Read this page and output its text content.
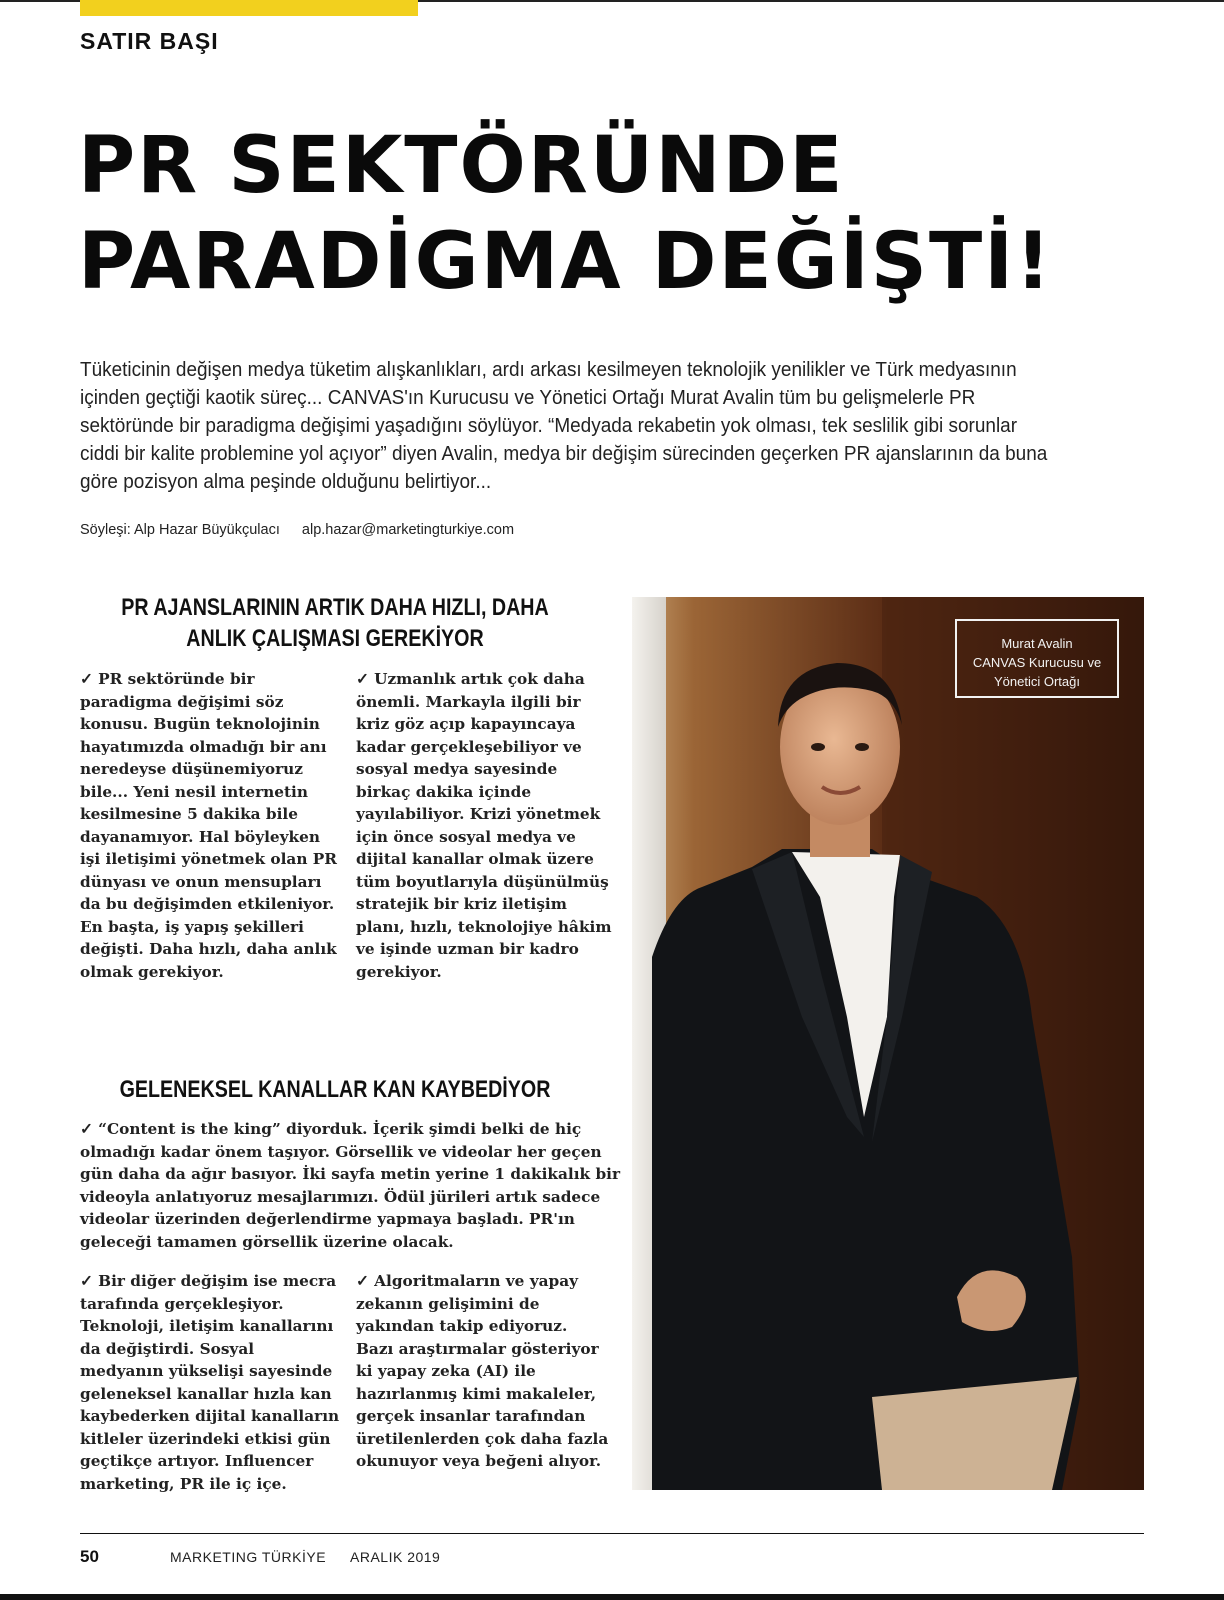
SATIR BAŞI
PR SEKTÖRÜNDE
PARADİGMA DEĞİŞTİ!

Tüketicinin değişen medya tüketim alışkanlıkları, ardı arkası kesilmeyen teknolojik yenilikler ve Türk medyasının içinden geçtiği kaotik süreç... CANVAS'ın Kurucusu ve Yönetici Ortağı Murat Avalin tüm bu gelişmelerle PR sektöründe bir paradigma değişimi yaşadığını söylüyor. “Medyada rekabetin yok olması, tek seslilik gibi sorunlar ciddi bir kalite problemine yol açıyor” diyen Avalin, medya bir değişim sürecinden geçerken PR ajanslarının da buna göre pozisyon alma peşinde olduğunu belirtiyor...

Söyleşi: Alp Hazar Büyükçulacı alp.hazar@marketingturkiye.com
PR AJANSLARININ ARTIK DAHA HIZLI, DAHA
ANLIK ÇALIŞMASI GEREKİYOR
✓ PR sektöründe bir
paradigma değişimi söz
konusu. Bugün teknolojinin
hayatımızda olmadığı bir anı
neredeyse düşünemiyoruz
bile... Yeni nesil internetin
kesilmesine 5 dakika bile
dayanamıyor. Hal böyleyken
işi iletişimi yönetmek olan PR
dünyası ve onun mensupları
da bu değişimden etkileniyor.
En başta, iş yapış şekilleri
değişti. Daha hızlı, daha anlık
olmak gerekiyor.
✓ Uzmanlık artık çok daha
önemli. Markayla ilgili bir
kriz göz açıp kapayıncaya
kadar gerçekleşebiliyor ve
sosyal medya sayesinde
birkaç dakika içinde
yayılabiliyor. Krizi yönetmek
için önce sosyal medya ve
dijital kanallar olmak üzere
tüm boyutlarıyla düşünülmüş
stratejik bir kriz iletişim
planı, hızlı, teknolojiye hâkim
ve işinde uzman bir kadro
gerekiyor.
GELENEKSEL KANALLAR KAN KAYBEDİYOR
✓ “Content is the king” diyorduk. İçerik şimdi belki de hiç
olmadığı kadar önem taşıyor. Görsellik ve videolar her geçen
gün daha da ağır basıyor. İki sayfa metin yerine 1 dakikalık bir
videoyla anlatıyoruz mesajlarımızı. Ödül jürileri artık sadece
videolar üzerinden değerlendirme yapmaya başladı. PR'ın
geleceği tamamen görsellik üzerine olacak.
✓ Bir diğer değişim ise mecra
tarafında gerçekleşiyor.
Teknoloji, iletişim kanallarını
da değiştirdi. Sosyal
medyanın yükselişi sayesinde
geleneksel kanallar hızla kan
kaybederken dijital kanalların
kitleler üzerindeki etkisi gün
geçtikçe artıyor. Influencer
marketing, PR ile iç içe.
✓ Algoritmaların ve yapay
zekanın gelişimini de
yakından takip ediyoruz.
Bazı araştırmalar gösteriyor
ki yapay zeka (AI) ile
hazırlanmış kimi makaleler,
gerçek insanlar tarafından
üretilenlerden çok daha fazla
okunuyor veya beğeni alıyor.
Murat Avalin
CANVAS Kurucusu ve
Yönetici Ortağı
50	MARKETING TÜRKİYE ARALIK 2019
